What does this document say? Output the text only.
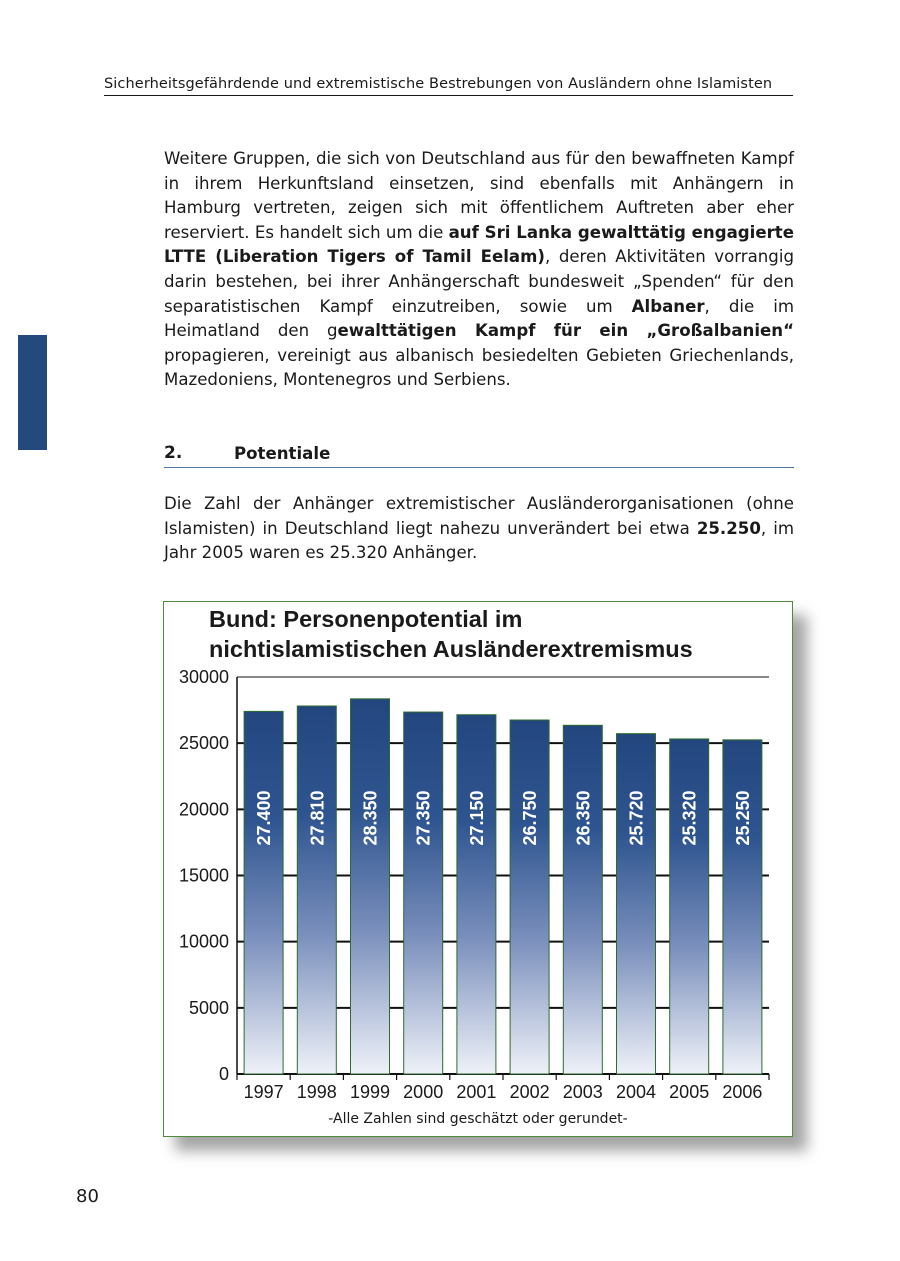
Sicherheitsgefährdende und extremistische Bestrebungen von Ausländern ohne Islamisten

Weitere Gruppen, die sich von Deutschland aus für den bewaffneten Kampf in ihrem Herkunftsland einsetzen, sind ebenfalls mit Anhängern in Hamburg vertreten, zeigen sich mit öffentlichem Auftreten aber eher reserviert. Es handelt sich um die auf Sri Lanka gewalttätig engagierte LTTE (Liberation Tigers of Tamil Eelam), deren Aktivitäten vorrangig darin bestehen, bei ihrer Anhängerschaft bundesweit „Spenden“ für den separatistischen Kampf einzutreiben, sowie um Albaner, die im Heimatland den gewalttätigen Kampf für ein „Großalbanien“ propagieren, vereinigt aus albanisch besiedelten Gebieten Griechenlands, Mazedoniens, Montenegros und Serbiens.

2.	Potentiale

Die Zahl der Anhänger extremistischer Ausländerorganisationen (ohne Islamisten) in Deutschland liegt nahezu unverändert bei etwa 25.250, im Jahr 2005 waren es 25.320 Anhänger.

Bund: Personenpotential im
nichtislamistischen Ausländerextremismus
0
5000
10000
15000
20000
25000
30000
27.400
1997
27.810
1998
28.350
1999
27.350
2000
27.150
2001
26.750
2002
26.350
2003
25.720
2004
25.320
2005
25.250
2006
-Alle Zahlen sind geschätzt oder gerundet-
80
